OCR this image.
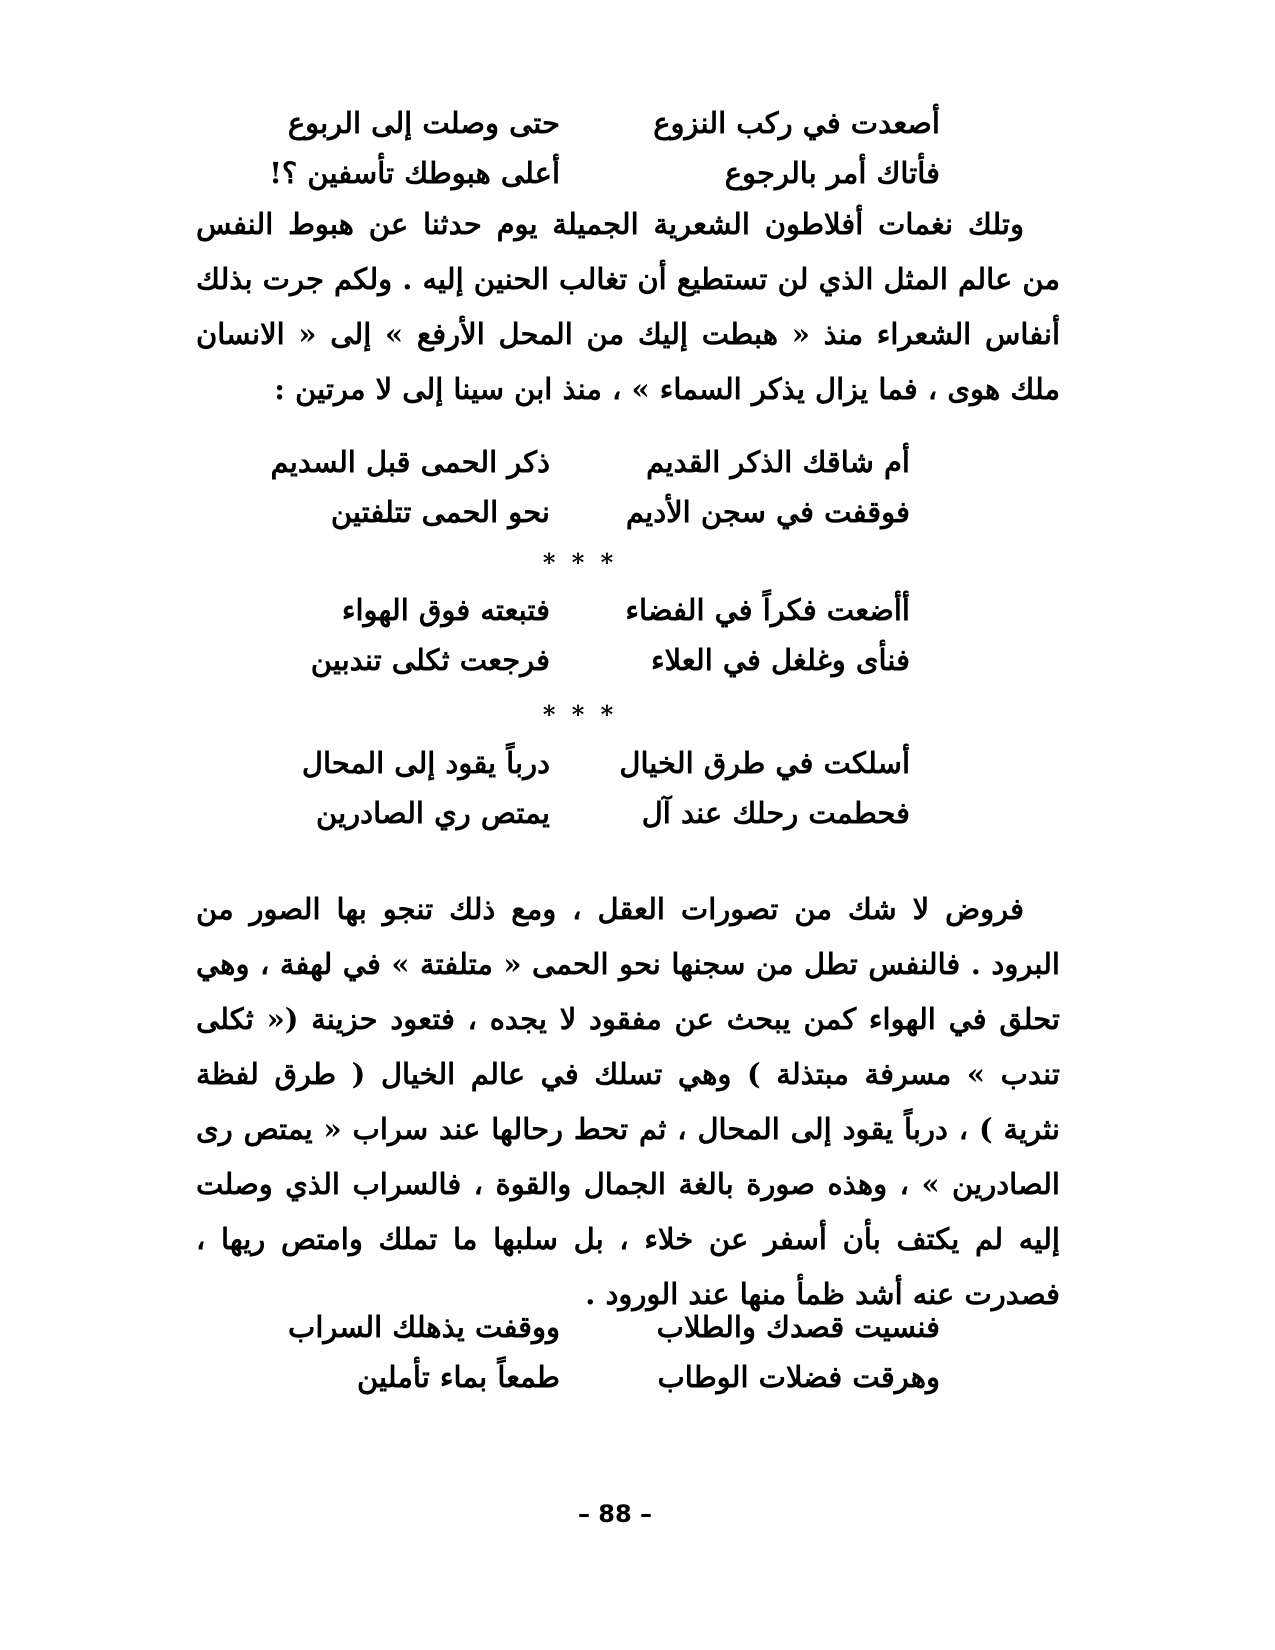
أصعدت في ركب النزوع
حتى وصلت إلى الربوع
فأتاك أمر بالرجوع
أعلى هبوطك تأسفين ؟!

وتلك نغمات أفلاطون الشعرية الجميلة يوم حدثنا عن هبوط النفس من عالم المثل الذي لن تستطيع أن تغالب الحنين إليه . ولكم جرت بذلك أنفاس الشعراء منذ « هبطت إليك من المحل الأرفع » إلى « الانسان ملك هوى ، فما يزال يذكر السماء » ، منذ ابن سينا إلى لا مرتين :

أم شاقك الذكر القديم
ذكر الحمى قبل السديم
فوقفت في سجن الأديم
نحو الحمى تتلفتين
* * *
أأضعت فكراً في الفضاء
فتبعته فوق الهواء
فنأى وغلغل في العلاء
فرجعت ثكلى تندبين
* * *
أسلكت في طرق الخيال
درباً يقود إلى المحال
فحطمت رحلك عند آل
يمتص ري الصادرين

فروض لا شك من تصورات العقل ، ومع ذلك تنجو بها الصور من البرود . فالنفس تطل من سجنها نحو الحمى « متلفتة » في لهفة ، وهي تحلق في الهواء كمن يبحث عن مفقود لا يجده ، فتعود حزينة (« ثكلى تندب » مسرفة مبتذلة ) وهي تسلك في عالم الخيال ( طرق لفظة نثرية ) ، درباً يقود إلى المحال ، ثم تحط رحالها عند سراب « يمتص رى الصادرين » ، وهذه صورة بالغة الجمال والقوة ، فالسراب الذي وصلت إليه لم يكتف بأن أسفر عن خلاء ، بل سلبها ما تملك وامتص ريها ، فصدرت عنه أشد ظمأ منها عند الورود .

فنسيت قصدك والطلاب
ووقفت يذهلك السراب
وهرقت فضلات الوطاب
طمعاً بماء تأملين
– 88 –
